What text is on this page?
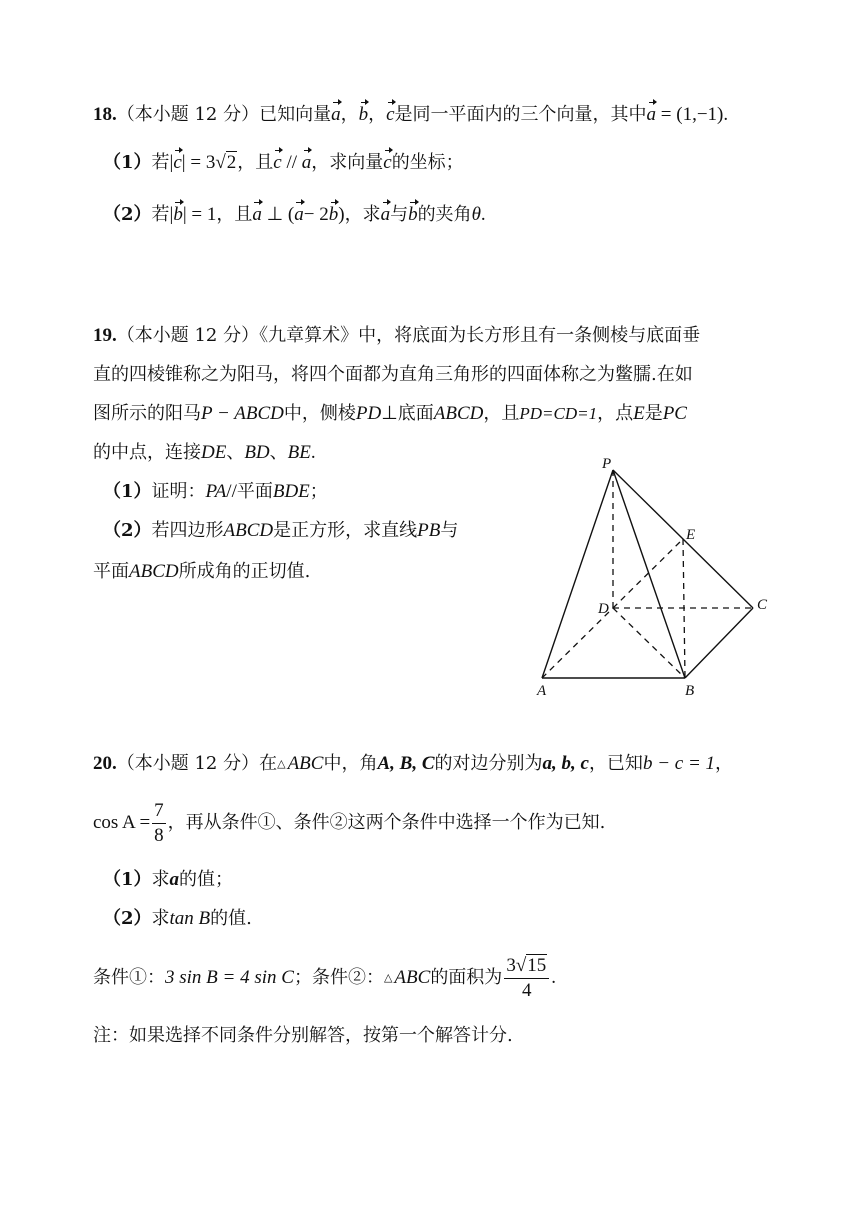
18.（本小题 12 分）已知向量a，b，c是同一平面内的三个向量，其中a = (1,−1).
（1）若|c| = 3√2，且c // a，求向量c的坐标；
（2）若|b| = 1，且a ⊥ (a− 2b)，求a与b的夹角θ.
19.（本小题 12 分）《九章算术》中，将底面为长方形且有一条侧棱与底面垂
直的四棱锥称之为阳马，将四个面都为直角三角形的四面体称之为鳖臑.在如
图所示的阳马P − ABCD中，侧棱PD⊥底面ABCD，且PD=CD=1，点E是PC
的中点，连接DE、BD、BE.
（1）证明：PA//平面BDE；
（2）若四边形ABCD是正方形，求直线PB与
平面ABCD所成角的正切值.
P
E
D	C
A	B
20.（本小题 12 分）在△ ABC中，角A, B, C的对边分别为a, b, c，已知b − c = 1，
$\cos A = \frac{7}{8}$ ，再从条件①、条件②这两个条件中选择一个作为已知.
（1）求a的值；
（2）求tan B的值.
条件①：3 sin B = 4 sin C；条件②：△ ABC的面积为 $\frac{3√15}{4}$ .
注：如果选择不同条件分别解答，按第一个解答计分.
